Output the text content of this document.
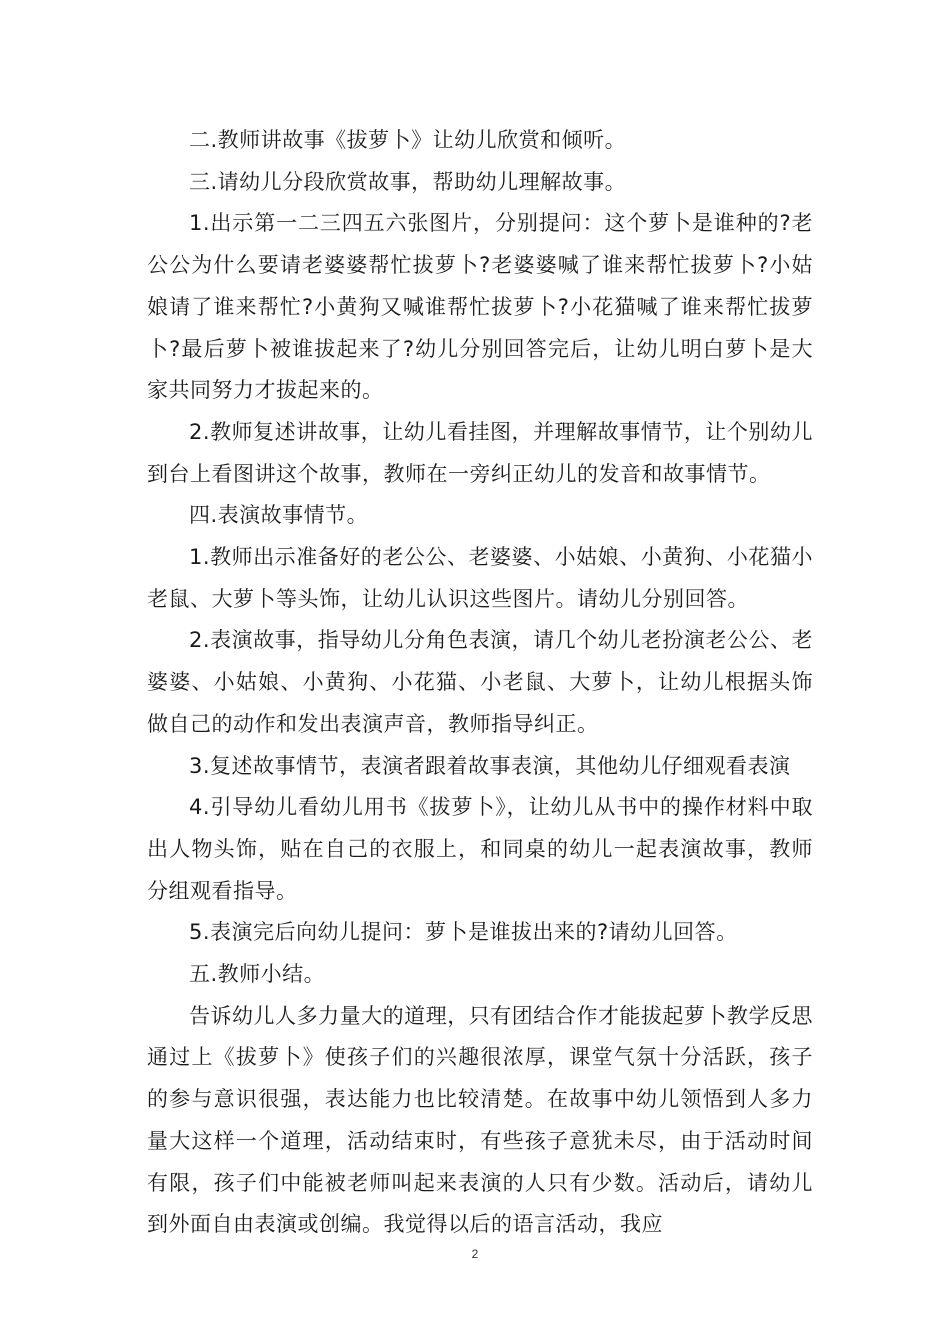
二.教师讲故事《拔萝卜》让幼儿欣赏和倾听。

三.请幼儿分段欣赏故事，帮助幼儿理解故事。

1.出示第一二三四五六张图片，分别提问：这个萝卜是谁种的?老公公为什么要请老婆婆帮忙拔萝卜?老婆婆喊了谁来帮忙拔萝卜?小姑娘请了谁来帮忙?小黄狗又喊谁帮忙拔萝卜?小花猫喊了谁来帮忙拔萝卜?最后萝卜被谁拔起来了?幼儿分别回答完后，让幼儿明白萝卜是大家共同努力才拔起来的。

2.教师复述讲故事，让幼儿看挂图，并理解故事情节，让个别幼儿到台上看图讲这个故事，教师在一旁纠正幼儿的发音和故事情节。

四.表演故事情节。

1.教师出示准备好的老公公、老婆婆、小姑娘、小黄狗、小花猫小老鼠、大萝卜等头饰，让幼儿认识这些图片。请幼儿分别回答。

2.表演故事，指导幼儿分角色表演，请几个幼儿老扮演老公公、老婆婆、小姑娘、小黄狗、小花猫、小老鼠、大萝卜，让幼儿根据头饰做自己的动作和发出表演声音，教师指导纠正。

3.复述故事情节，表演者跟着故事表演，其他幼儿仔细观看表演

4.引导幼儿看幼儿用书《拔萝卜》，让幼儿从书中的操作材料中取出人物头饰，贴在自己的衣服上，和同桌的幼儿一起表演故事，教师分组观看指导。

5.表演完后向幼儿提问：萝卜是谁拔出来的?请幼儿回答。

五.教师小结。

告诉幼儿人多力量大的道理，只有团结合作才能拔起萝卜教学反思通过上《拔萝卜》使孩子们的兴趣很浓厚，课堂气氛十分活跃，孩子的参与意识很强，表达能力也比较清楚。在故事中幼儿领悟到人多力量大这样一个道理，活动结束时，有些孩子意犹未尽，由于活动时间有限，孩子们中能被老师叫起来表演的人只有少数。活动后，请幼儿到外面自由表演或创编。我觉得以后的语言活动，我应

2
